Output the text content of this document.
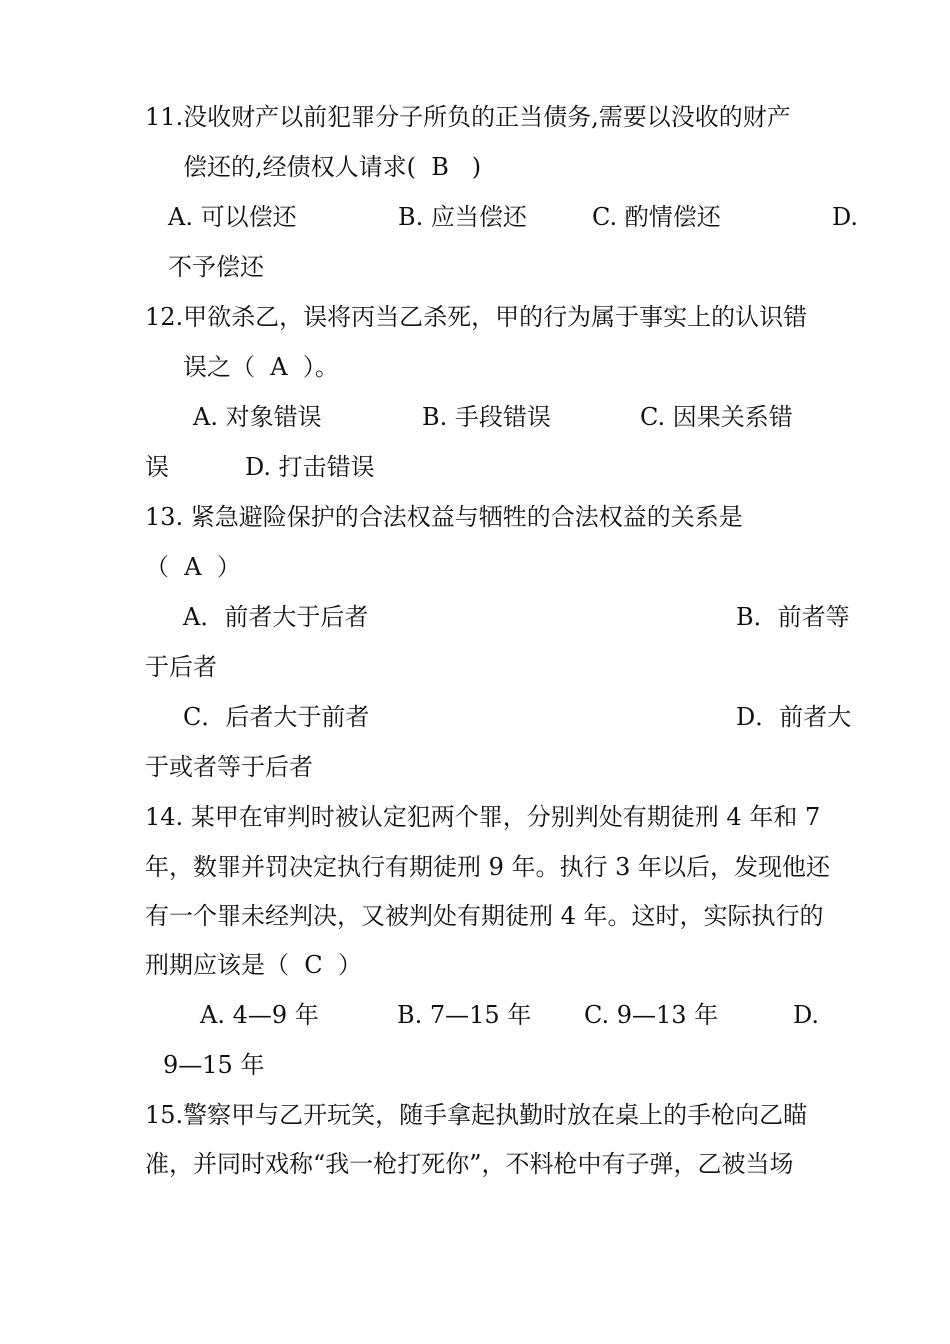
11.没收财产以前犯罪分子所负的正当债务,需要以没收的财产
偿还的,经债权人请求(  B   )
A. 可以偿还	B. 应当偿还	C. 酌情偿还	D.
不予偿还
12.甲欲杀乙，误将丙当乙杀死，甲的行为属于事实上的认识错
误之（  A  ）。
A. 对象错误	B. 手段错误	C. 因果关系错
误	D. 打击错误
13. 紧急避险保护的合法权益与牺牲的合法权益的关系是
（  A  ）
A．前者大于后者	B．前者等
于后者
C．后者大于前者	D．前者大
于或者等于后者
14. 某甲在审判时被认定犯两个罪，分别判处有期徒刑 4 年和 7
年，数罪并罚决定执行有期徒刑 9 年。执行 3 年以后，发现他还
有一个罪未经判决，又被判处有期徒刑 4 年。这时，实际执行的
刑期应该是（  C  ）
A. 4—9 年	B. 7—15 年 C. 9—13 年	D.
9—15 年
15.警察甲与乙开玩笑，随手拿起执勤时放在桌上的手枪向乙瞄
准，并同时戏称“我一枪打死你”，不料枪中有子弹，乙被当场
